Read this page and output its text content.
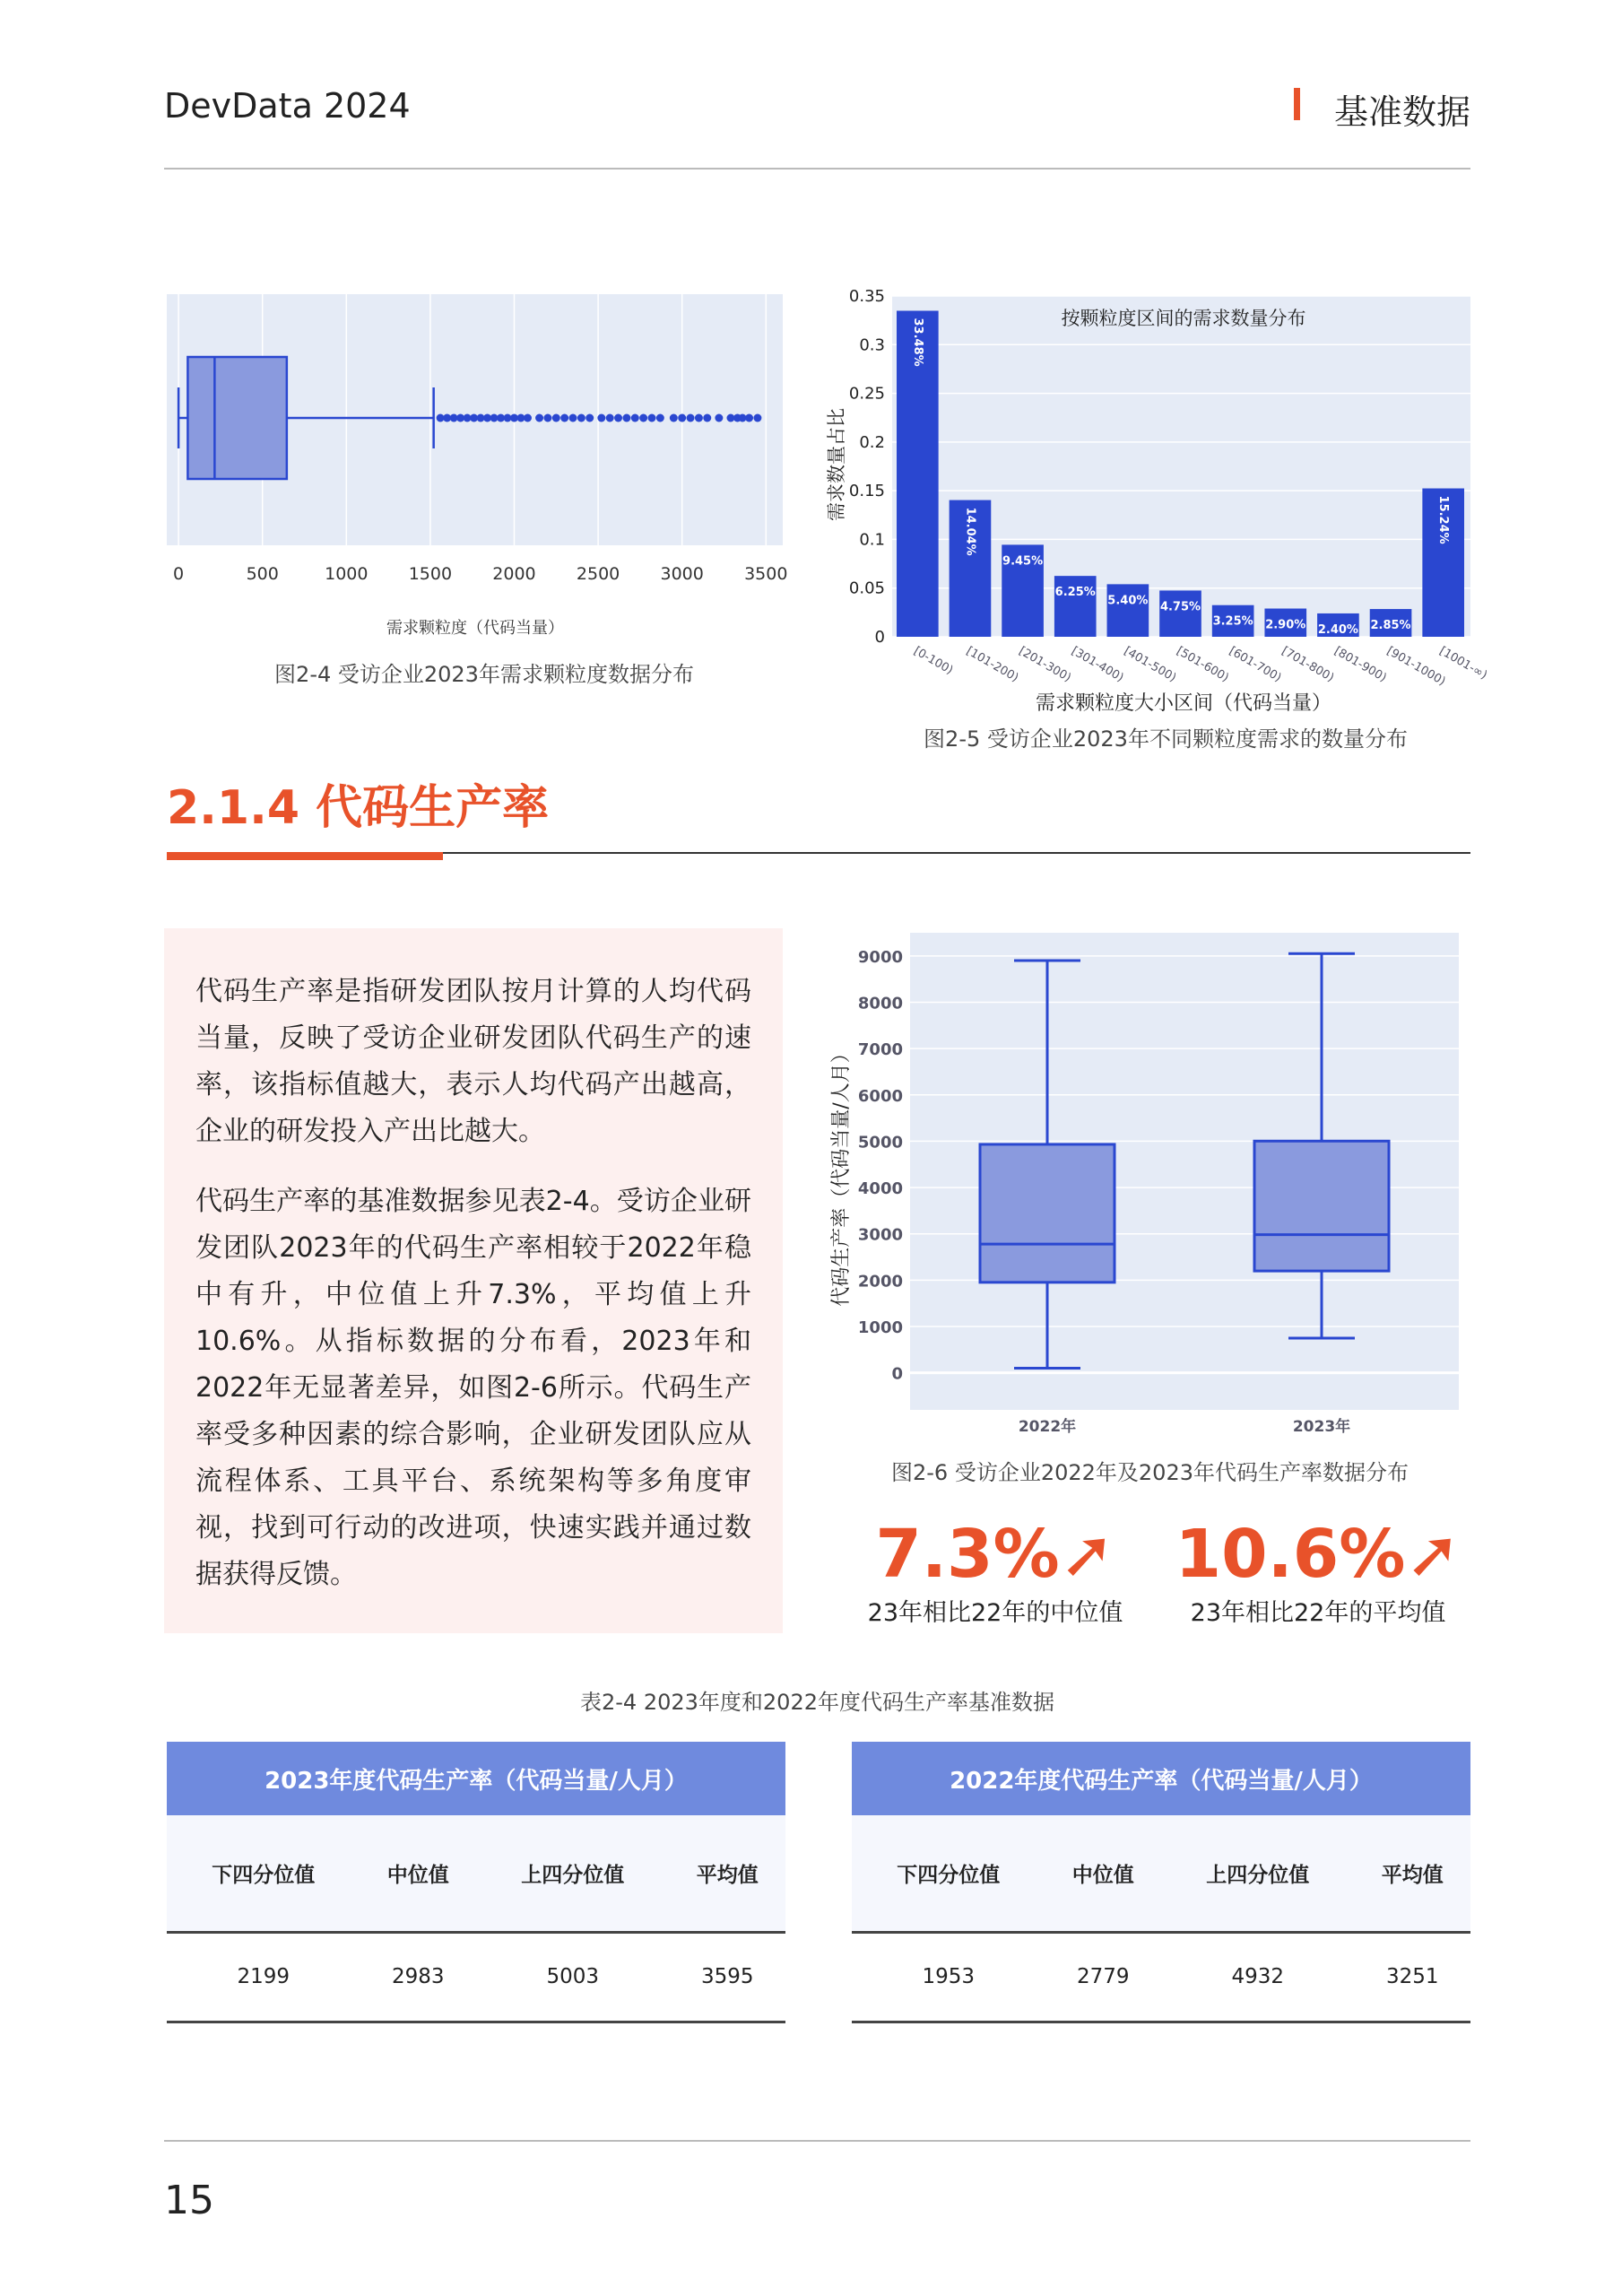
DevData 2024	基准数据
0	500	1000 1500 2000 2500 3000 3500
需求颗粒度（代码当量）
图2-4 受访企业2023年需求颗粒度数据分布
0
0.05
0.1
0.15
0.2
0.25
0.3
0.35
按颗粒度区间的需求数量分布
33.48%
[0-100)
14.04%
[101-200)
9.45%
[201-300)
6.25%
[301-400)
5.40%
[401-500)
4.75%
[501-600)
3.25%
[601-700)
2.90%
[701-800)
2.40%
[801-900)
2.85%
[901-1000)
15.24%
[1001-∞)
需求颗粒度大小区间（代码当量）
需求数量占比
图2-5 受访企业2023年不同颗粒度需求的数量分布
2.1.4 代码生产率

代码生产率是指研发团队按月计算的人均代码当量，反映了受访企业研发团队代码生产的速率，该指标值越大，表示人均代码产出越高，企业的研发投入产出比越大。

代码生产率的基准数据参见表2-4。受访企业研发团队2023年的代码生产率相较于2022年稳中有升，中位值上升7.3%，平均值上升10.6%。从指标数据的分布看，2023年和2022年无显著差异，如图2-6所示。代码生产率受多种因素的综合影响，企业研发团队应从流程体系、工具平台、系统架构等多角度审视，找到可行动的改进项，快速实践并通过数据获得反馈。

0
1000
2000
3000
4000
5000
6000
7000
8000
9000
2022年	2023年
代码生产率（代码当量/人月）
图2-6 受访企业2022年及2023年代码生产率数据分布
7.3%➚
23年相比22年的中位值
10.6%➚
23年相比22年的平均值
表2-4 2023年度和2022年度代码生产率基准数据
2023年度代码生产率（代码当量/人月）			
下四分位值	中位值	上四分位值	平均值
2199	2983	5003	3595
2022年度代码生产率（代码当量/人月）			
下四分位值	中位值	上四分位值	平均值
1953	2779	4932	3251
15
